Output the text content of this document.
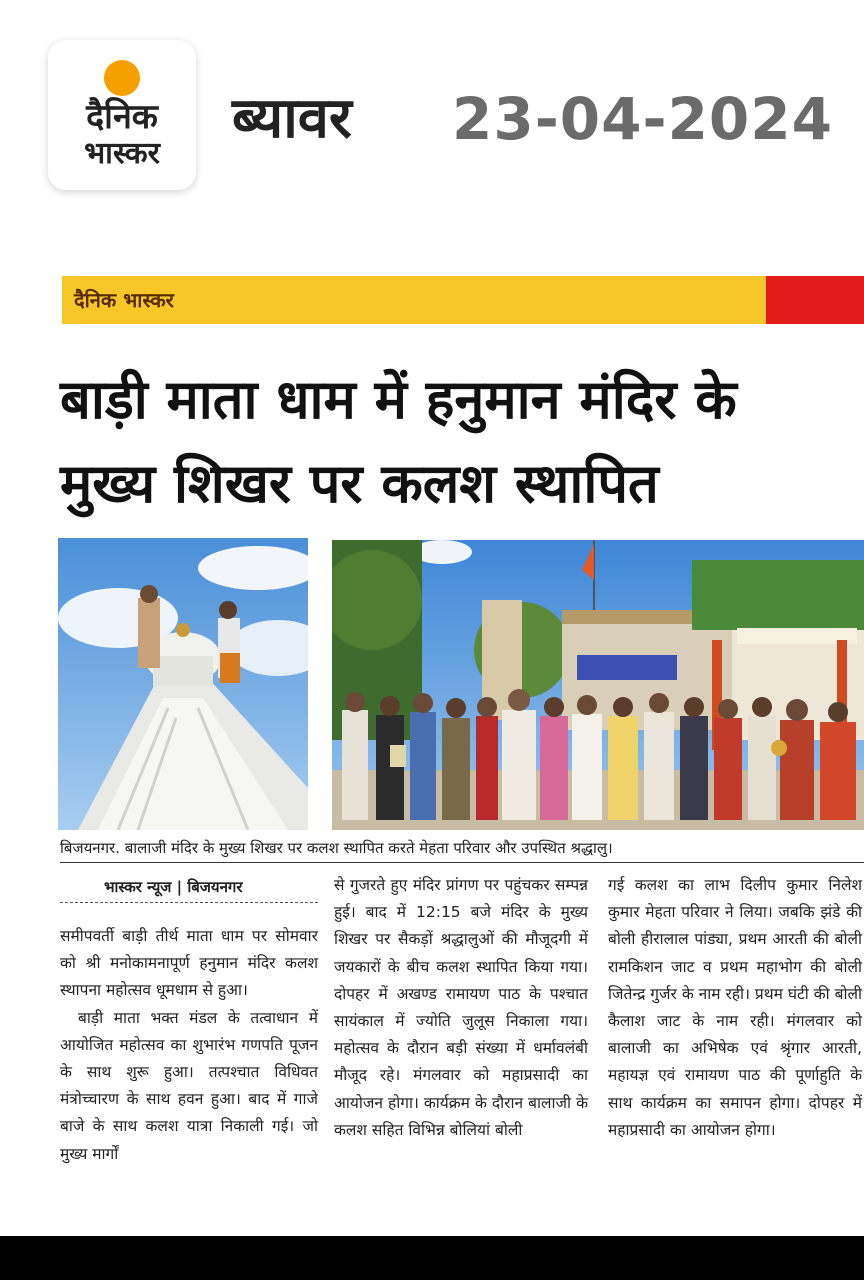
दैनिक
भास्कर
ब्यावर 23-04-2024
दैनिक भास्कर
बाड़ी माता धाम में हनुमान मंदिर के
मुख्य शिखर पर कलश स्थापित
बिजयनगर. बालाजी मंदिर के मुख्य शिखर पर कलश स्थापित करते मेहता परिवार और उपस्थित श्रद्धालु।
भास्कर न्यूज | बिजयनगर

समीपवर्ती बाड़ी तीर्थ माता धाम पर सोमवार को श्री मनोकामनापूर्ण हनुमान मंदिर कलश स्थापना महोत्सव धूमधाम से हुआ।

बाड़ी माता भक्त मंडल के तत्वाधान में आयोजित महोत्सव का शुभारंभ गणपति पूजन के साथ शुरू हुआ। तत्पश्चात विधिवत मंत्रोच्चारण के साथ हवन हुआ। बाद में गाजे बाजे के साथ कलश यात्रा निकाली गई। जो मुख्य मार्गों

से गुजरते हुए मंदिर प्रांगण पर पहुंचकर सम्पन्न हुई। बाद में 12:15 बजे मंदिर के मुख्य शिखर पर सैकड़ों श्रद्धालुओं की मौजूदगी में जयकारों के बीच कलश स्थापित किया गया। दोपहर में अखण्ड रामायण पाठ के पश्चात सायंकाल में ज्योति जुलूस निकाला गया। महोत्सव के दौरान बड़ी संख्या में धर्मावलंबी मौजूद रहे। मंगलवार को महाप्रसादी का आयोजन होगा। कार्यक्रम के दौरान बालाजी के कलश सहित विभिन्न बोलियां बोली
गई कलश का लाभ दिलीप कुमार निलेश कुमार मेहता परिवार ने लिया। जबकि झंडे की बोली हीरालाल पांड्या, प्रथम आरती की बोली रामकिशन जाट व प्रथम महाभोग की बोली जितेन्द्र गुर्जर के नाम रही। प्रथम घंटी की बोली कैलाश जाट के नाम रही। मंगलवार को बालाजी का अभिषेक एवं श्रृंगार आरती, महायज्ञ एवं रामायण पाठ की पूर्णाहुति के साथ कार्यक्रम का समापन होगा। दोपहर में महाप्रसादी का आयोजन होगा।
